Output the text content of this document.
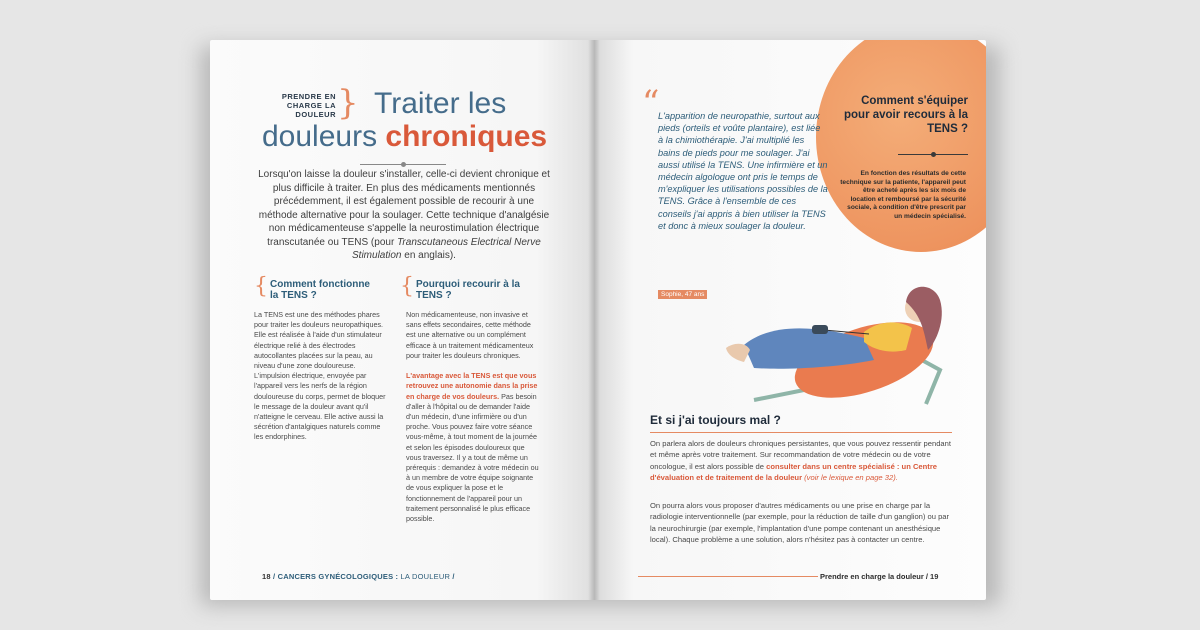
PRENDRE EN
CHARGE LA
DOULEUR } Traiter les
douleurs chroniques
Lorsqu'on laisse la douleur s'installer, celle-ci devient chronique et plus difficile à traiter. En plus des médicaments mentionnés précédemment, il est également possible de recourir à une méthode alternative pour la soulager. Cette technique d'analgésie non médicamenteuse s'appelle la neurostimulation électrique transcutanée ou TENS (pour Transcutaneous Electrical Nerve Stimulation en anglais).
{ Comment fonctionne la TENS ?
La TENS est une des méthodes phares pour traiter les douleurs neuropathiques. Elle est réalisée à l'aide d'un stimulateur électrique relié à des électrodes autocollantes placées sur la peau, au niveau d'une zone douloureuse. L'impulsion électrique, envoyée par l'appareil vers les nerfs de la région douloureuse du corps, permet de bloquer le message de la douleur avant qu'il n'atteigne le cerveau. Elle active aussi la sécrétion d'antalgiques naturels comme les endorphines.
{ Pourquoi recourir à la TENS ?
Non médicamenteuse, non invasive et sans effets secondaires, cette méthode est une alternative ou un complément efficace à un traitement médicamenteux pour traiter les douleurs chroniques.

L'avantage avec la TENS est que vous retrouvez une autonomie dans la prise en charge de vos douleurs. Pas besoin d'aller à l'hôpital ou de demander l'aide d'un médecin, d'une infirmière ou d'un proche. Vous pouvez faire votre séance vous-même, à tout moment de la journée et selon les épisodes douloureux que vous traversez. Il y a tout de même un prérequis : demandez à votre médecin ou à un membre de votre équipe soignante de vous expliquer la pose et le fonctionnement de l'appareil pour un traitement personnalisé le plus efficace possible.
18 / CANCERS GYNÉCOLOGIQUES : LA DOULEUR /
Comment s'équiper pour avoir recours à la TENS ?
En fonction des résultats de cette technique sur la patiente, l'appareil peut être acheté après les six mois de location et remboursé par la sécurité sociale, à condition d'être prescrit par un médecin spécialisé.
“
L'apparition de neuropathie, surtout aux pieds (orteils et voûte plantaire), est liée à la chimiothérapie. J'ai multiplié les bains de pieds pour me soulager. J'ai aussi utilisé la TENS. Une infirmière et un médecin algologue ont pris le temps de m'expliquer les utilisations possibles de la TENS. Grâce à l'ensemble de ces conseils j'ai appris à bien utiliser la TENS et donc à mieux soulager la douleur.
Sophie, 47 ans
Et si j'ai toujours mal ?
On parlera alors de douleurs chroniques persistantes, que vous pouvez ressentir pendant et même après votre traitement. Sur recommandation de votre médecin ou de votre oncologue, il est alors possible de consulter dans un centre spécialisé : un Centre d'évaluation et de traitement de la douleur (voir le lexique en page 32).
On pourra alors vous proposer d'autres médicaments ou une prise en charge par la radiologie interventionnelle (par exemple, pour la réduction de taille d'un ganglion) ou par la neurochirurgie (par exemple, l'implantation d'une pompe contenant un anesthésique local). Chaque problème a une solution, alors n'hésitez pas à contacter un centre.
Prendre en charge la douleur / 19
